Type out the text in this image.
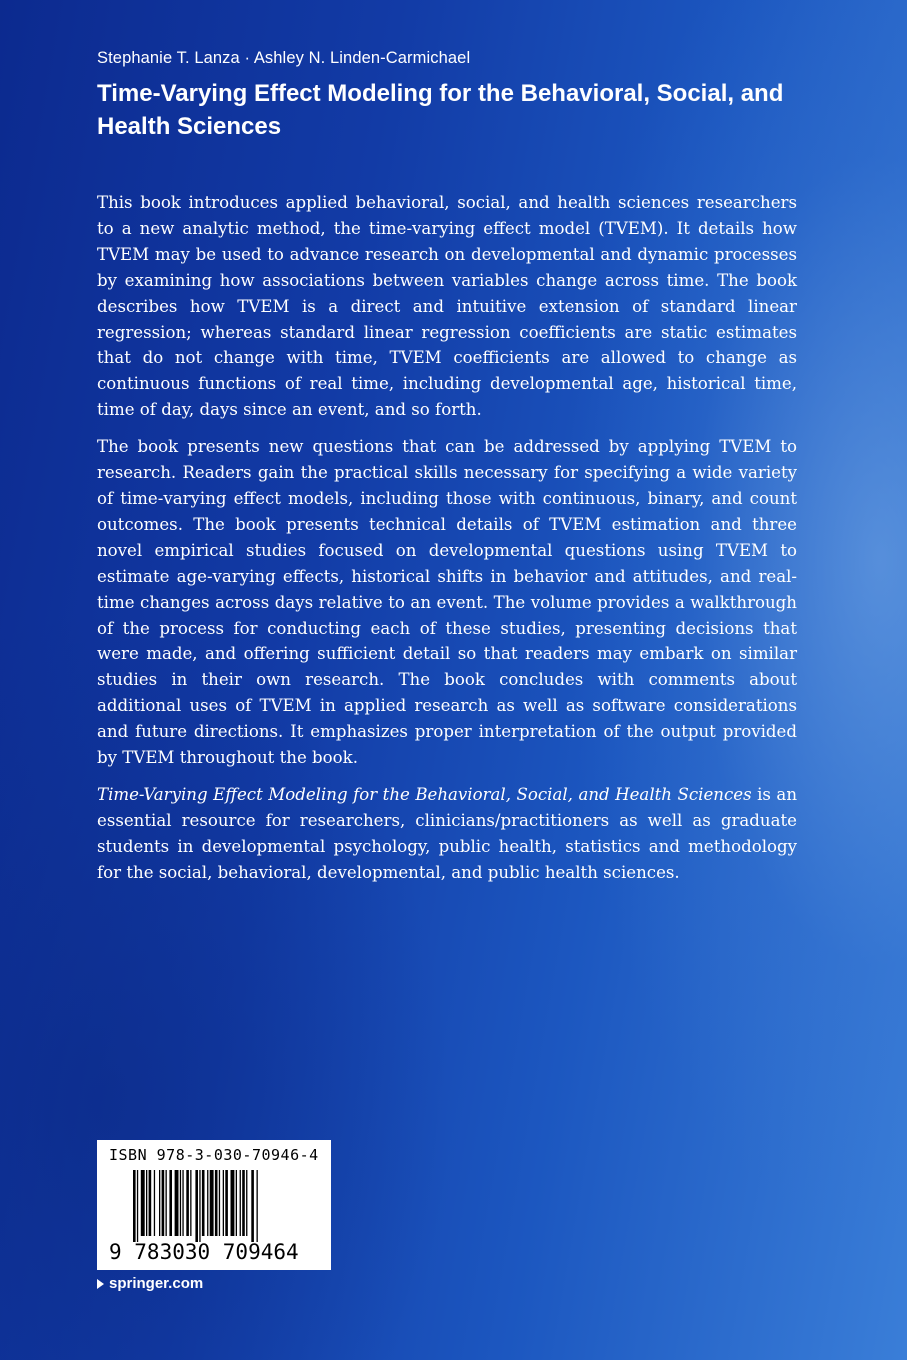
Stephanie T. Lanza · Ashley N. Linden-Carmichael
Time-Varying Effect Modeling for the Behavioral, Social, and Health Sciences

This book introduces applied behavioral, social, and health sciences researchers to a new analytic method, the time-varying effect model (TVEM). It details how TVEM may be used to advance research on developmental and dynamic processes by examining how associations between variables change across time. The book describes how TVEM is a direct and intuitive extension of standard linear regression; whereas standard linear regression coefficients are static estimates that do not change with time, TVEM coefficients are allowed to change as continuous functions of real time, including developmental age, historical time, time of day, days since an event, and so forth.

The book presents new questions that can be addressed by applying TVEM to research. Readers gain the practical skills necessary for specifying a wide variety of time-varying effect models, including those with continuous, binary, and count outcomes. The book presents technical details of TVEM estimation and three novel empirical studies focused on developmental questions using TVEM to estimate age-varying effects, historical shifts in behavior and attitudes, and real-time changes across days relative to an event. The volume provides a walkthrough of the process for conducting each of these studies, presenting decisions that were made, and offering sufficient detail so that readers may embark on similar studies in their own research. The book concludes with comments about additional uses of TVEM in applied research as well as software considerations and future directions. It emphasizes proper interpretation of the output provided by TVEM throughout the book.

Time-Varying Effect Modeling for the Behavioral, Social, and Health Sciences is an essential resource for researchers, clinicians/practitioners as well as graduate students in developmental psychology, public health, statistics and methodology for the social, behavioral, developmental, and public health sciences.

ISBN 978-3-030-70946-4
9 783030 709464
springer.com
